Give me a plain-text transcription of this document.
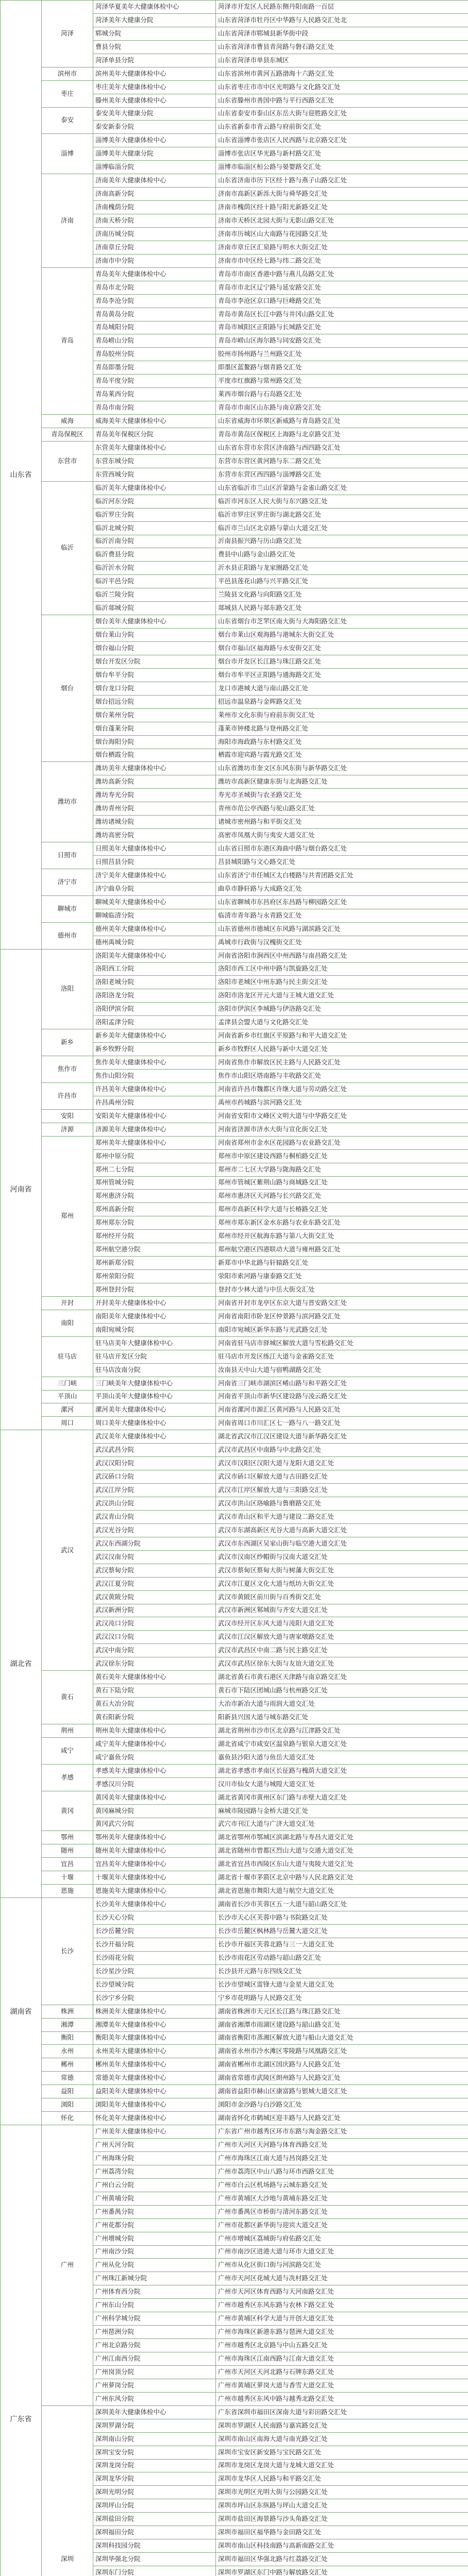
山东省	菏泽	菏泽华夏美年大健康体检中心	菏泽市开发区人民路东侧丹阳南路一百层
		菏泽美年大健康分院	山东省菏泽市牡丹区中华路与人民路交汇处北
		郓城分院	山东省菏泽市郓城县新华街中段
		曹县分院	山东省菏泽市曹县青菏路与磐石路交汇处
		菏泽单县分院	山东省菏泽市单县东城区
	滨州市	滨州美年大健康体检中心	山东省滨州市黄河五路渤海十六路交汇处
	枣庄	枣庄美年大健康体检中心	山东省枣庄市市中区光明路与文化路交汇处
		滕州美年大健康体检中心	山东省滕州市善国中路与平行西路交汇处
	泰安	泰安美年大健康分院	山东省泰安市泰山区东岳大街与迎胜路交汇处
		泰安新泰分院	山东省新泰市青云路与府前街交汇处
	淄博	淄博美年大健康体检中心	山东省淄博市张店区人民西路与北京路交汇处
		淄博美年大健康分院	淄博市张店区华光路与新村路交汇处
		淄博临淄分院	淄博市临淄区桓公路与晏婴路交汇处
	济南	济南美年大健康体检中心	山东省济南市历下区经十路与燕子山路交汇处
		济南高新分院	济南市高新区新泺大街与舜华路交汇处
		济南槐荫分院	济南市槐荫区经十路与阳光新路交汇处
		济南天桥分院	济南市天桥区北园大街与无影山路交汇处
		济南历城分院	济南市历城区山大南路与花园路交汇处
		济南章丘分院	济南市章丘区汇泉路与明水大街交汇处
		济南市中分院	济南市市中区经七路与纬二路交汇处
	青岛	青岛美年大健康体检中心	青岛市市南区香港中路与燕儿岛路交汇处
		青岛市北分院	青岛市市北区辽宁路与延安路交汇处
		青岛李沧分院	青岛市李沧区京口路与巨峰路交汇处
		青岛黄岛分院	青岛市黄岛区长江中路与井冈山路交汇处
		青岛城阳分院	青岛市城阳区正阳路与长城路交汇处
		青岛崂山分院	青岛市崂山区海尔路与同安路交汇处
		青岛胶州分院	胶州市扬州路与兰州路交汇处
		青岛即墨分院	即墨区蓝鳌路与烟青路交汇处
		青岛平度分院	平度市红旗路与常州路交汇处
		青岛莱西分院	莱西市烟台路与石岛路交汇处
		青岛市南分院	青岛市市南区山东路与南京路交汇处
	威海	威海美年大健康体检中心	山东省威海市环翠区新威路与青岛路交汇处
	青岛保税区	青岛美年保税区分院	青岛市黄岛区保税区上海路与北京路交汇处
	东营市	东营美年大健康体检中心	山东省东营市东营区济南路与西四路交汇处
		东营东城分院	东营市东营区黄河路与东二路交汇处
		东营西城分院	东营市东营区西四路与淄博路交汇处
	临沂	临沂美年大健康体检中心	山东省临沂市兰山区沂蒙路与金雀山路交汇处
		临沂河东分院	临沂市河东区人民大街与东兴路交汇处
		临沂罗庄分院	临沂市罗庄区罗庄街与湖北路交汇处
		临沂北城分院	临沂市兰山区北京路与蒙山大道交汇处
		临沂沂南分院	沂南县振兴路与历山路交汇处
		临沂费县分院	费县中山路与金山路交汇处
		临沂沂水分院	沂水县正阳路与龙家圈路交汇处
		临沂平邑分院	平邑县莲花山路与兴平路交汇处
		临沂兰陵分院	兰陵县文化路与向阳路交汇处
		临沂郯城分院	郯城县人民路与郯东路交汇处
	烟台	烟台美年大健康体检中心	山东省烟台市芝罘区南大街与大海阳路交汇处
		烟台莱山分院	烟台市莱山区观海路与港城东大街交汇处
		烟台福山分院	烟台市福山区福海路与永安街交汇处
		烟台开发区分院	烟台市开发区长江路与珠江路交汇处
		烟台牟平分院	烟台市牟平区正阳路与通海路交汇处
		烟台龙口分院	龙口市港城大道与南山路交汇处
		烟台招远分院	招远市温泉路与金晖路交汇处
		烟台莱州分院	莱州市文化东街与府前东街交汇处
		烟台蓬莱分院	蓬莱市钟楼北路与登州路交汇处
		烟台海阳分院	海阳市海政路与东村路交汇处
		烟台栖霞分院	栖霞市迎宾路与霞光路交汇处
	潍坊市	潍坊美年大健康体检中心	山东省潍坊市奎文区东风东街与新华路交汇处
		潍坊高新分院	潍坊市高新区健康东街与北海路交汇处
		潍坊寿光分院	寿光市圣城街与农圣路交汇处
		潍坊青州分院	青州市范公亭西路与驼山路交汇处
		潍坊诸城分院	诸城市密州路与和平街交汇处
		潍坊高密分院	高密市凤凰大街与夷安大道交汇处
	日照市	日照美年大健康体检中心	山东省日照市东港区海曲中路与烟台路交汇处
		日照莒县分院	莒县城阳路与文心路交汇处
	济宁市	济宁美年大健康体检中心	山东省济宁市任城区太白楼路与共青团路交汇处
		济宁曲阜分院	曲阜市静轩路与大成路交汇处
	聊城市	聊城美年大健康体检中心	山东省聊城市东昌府区东昌路与柳园路交汇处
		聊城临清分院	临清市青年路与永青路交汇处
	德州市	德州美年大健康体检中心	山东省德州市德城区东风路与湖滨路交汇处
		德州禹城分院	禹城市行政街与汉槐街交汇处
河南省	洛阳	洛阳美年大健康体检中心	河南省洛阳市涧西区中州西路与南昌路交汇处
		洛阳西工分院	洛阳市西工区中州中路与凯旋路交汇处
		洛阳老城分院	洛阳市老城区中州东路与民主街交汇处
		洛阳洛龙分院	洛阳市洛龙区开元大道与王城大道交汇处
		洛阳伊滨分院	洛阳市伊滨区李城路与伊洛路交汇处
		洛阳孟津分院	孟津县会盟大道与文化路交汇处
	新乡	新乡美年大健康体检中心	河南省新乡市红旗区平原路与和平大道交汇处
		新乡牧野分院	新乡市牧野区人民路与新中大道交汇处
	焦作市	焦作美年大健康体检中心	河南省焦作市解放区民主路与人民路交汇处
		焦作山阳分院	焦作市山阳区塔南路与丰收路交汇处
	许昌市	许昌美年大健康体检中心	河南省许昌市魏都区许继大道与劳动路交汇处
		许昌禹州分院	禹州市药城路与滨河路交汇处
	安阳	安阳美年大健康体检中心	河南省安阳市文峰区文明大道与中华路交汇处
	济源	济源美年大健康体检中心	河南省济源市济水大街与宣化街交汇处
	郑州	郑州美年大健康体检中心	河南省郑州市金水区花园路与农业路交汇处
		郑州中原分院	郑州市中原区建设西路与桐柏路交汇处
		郑州二七分院	郑州市二七区大学路与陇海路交汇处
		郑州管城分院	郑州市管城区紫荆山路与商城路交汇处
		郑州惠济分院	郑州市惠济区天河路与长兴路交汇处
		郑州高新分院	郑州市高新区科学大道与长椿路交汇处
		郑州郑东分院	郑州市郑东新区金水东路与农业东路交汇处
		郑州经开分院	郑州市经开区航海东路与第八大街交汇处
		郑州航空港分院	郑州航空港区四港联动大道与雍州路交汇处
		郑州新郑分院	新郑市中华北路与轩辕路交汇处
		郑州荥阳分院	荥阳市索河路与康泰路交汇处
		郑州登封分院	登封市少林大道与中岳大街交汇处
	开封	开封美年大健康体检中心	河南省开封市龙亭区东京大道与晋安路交汇处
	南阳	南阳美年大健康体检中心	河南省南阳市卧龙区仲景路与滨河路交汇处
		南阳宛城分院	南阳市宛城区新华东路与光武路交汇处
	驻马店	驻马店美年大健康体检中心	河南省驻马店市驿城区解放大道与雪松路交汇处
		驻马店开发区分院	驻马店市开发区练江大道与金雀路交汇处
		驻马店汝南分院	汝南县天中山大道与宿鸭湖路交汇处
	三门峡	三门峡美年大健康体检中心	河南省三门峡市湖滨区崤山路与和平路交汇处
	平顶山	平顶山美年大健康体检中心	河南省平顶山市新华区建设路与凌云路交汇处
	漯河	漯河美年大健康体检中心	河南省漯河市源汇区黄河路与人民路交汇处
	周口	周口美年大健康体检中心	河南省周口市川汇区七一路与八一路交汇处
湖北省	武汉	武汉美年大健康体检中心	湖北省武汉市江汉区建设大道与新华路交汇处
		武汉武昌分院	武汉市武昌区中南路与中北路交汇处
		武汉汉阳分院	武汉市汉阳区汉阳大道与龙阳大道交汇处
		武汉硚口分院	武汉市硚口区解放大道与古田路交汇处
		武汉江岸分院	武汉市江岸区解放大道与三阳路交汇处
		武汉洪山分院	武汉市洪山区珞喻路与鲁磨路交汇处
		武汉青山分院	武汉市青山区和平大道与建设二路交汇处
		武汉光谷分院	武汉市东湖高新区光谷大道与高新大道交汇处
		武汉东西湖分院	武汉市东西湖区吴家山街与临空港大道交汇处
		武汉汉南分院	武汉市汉南区纱帽街与汉南大道交汇处
		武汉蔡甸分院	武汉市蔡甸区蔡甸大街与树藩大街交汇处
		武汉江夏分院	武汉市江夏区文化大道与纸坊大街交汇处
		武汉黄陂分院	武汉市黄陂区前川街与百秀街交汇处
		武汉新洲分院	武汉市新洲区邾城街与齐安大道交汇处
		武汉沌口分院	武汉市经开区东风大道与沌阳大道交汇处
		武汉汉口分院	武汉市江汉区解放大道与唐家墩路交汇处
		武汉中南分院	武汉市武昌区中南二路与民主路交汇处
		武汉徐东分院	武汉市武昌区徐东大街与友谊大道交汇处
	黄石	黄石美年大健康体检中心	湖北省黄石市黄石港区天津路与南京路交汇处
		黄石下陆分院	黄石市下陆区团城山路与杭州路交汇处
		黄石大冶分院	大冶市新冶大道与雨润大道交汇处
		黄石阳新分院	阳新县兴国大道与城东路交汇处
	荆州	荆州美年大健康体检中心	湖北省荆州市沙市区北京路与江津路交汇处
	咸宁	咸宁美年大健康体检中心	湖北省咸宁市咸安区温泉路与银泉大道交汇处
		咸宁嘉鱼分院	嘉鱼县沙阳大道与鱼岳大道交汇处
	孝感	孝感美年大健康体检中心	湖北省孝感市孝南区长征路与槐荫大道交汇处
		孝感汉川分院	汉川市仙女大道与城隍大道交汇处
	黄冈	黄冈美年大健康体检中心	湖北省黄冈市黄州区东门路与赤壁大道交汇处
		黄冈麻城分院	麻城市陵园路与金桥大道交汇处
		黄冈武穴分院	武穴市刊江大道与广济大道交汇处
	鄂州	鄂州美年大健康体检中心	湖北省鄂州市鄂城区滨湖北路与寿昌大道交汇处
	随州	随州美年大健康体检中心	湖北省随州市曾都区烈山大道与交通大道交汇处
	宜昌	宜昌美年大健康体检中心	湖北省宜昌市西陵区东山大道与夷陵大道交汇处
	十堰	十堰美年大健康体检中心	湖北省十堰市茅箭区北京中路与人民北路交汇处
	恩施	恩施美年大健康体检中心	湖北省恩施市舞阳大道与航空大道交汇处
湖南省	长沙	长沙美年大健康体检中心	湖南省长沙市芙蓉区五一大道与韶山路交汇处
		长沙天心分院	长沙市天心区芙蓉中路与书院路交汇处
		长沙岳麓分院	长沙市岳麓区枫林路与岳麓大道交汇处
		长沙开福分院	长沙市开福区芙蓉北路与三一大道交汇处
		长沙雨花分院	长沙市雨花区劳动路与韶山路交汇处
		长沙星沙分院	长沙县开元路与东四线交汇处
		长沙望城分院	长沙市望城区雷锋大道与金星大道交汇处
		长沙宁乡分院	宁乡市花明路与人民路交汇处
	株洲	株洲美年大健康体检中心	湖南省株洲市天元区长江路与珠江路交汇处
	湘潭	湘潭美年大健康体检中心	湖南省湘潭市雨湖区建设路与韶山路交汇处
	衡阳	衡阳美年大健康体检中心	湖南省衡阳市蒸湘区解放大道与船山大道交汇处
	永州	永州美年大健康体检中心	湖南省永州市冷水滩区零陵路与凤凰路交汇处
	郴州	郴州美年大健康体检中心	湖南省郴州市北湖区国庆路与人民路交汇处
	常德	常德美年大健康体检中心	湖南省常德市武陵区朗州路与人民路交汇处
	益阳	益阳美年大健康体检中心	湖南省益阳市赫山区康富路与银城大道交汇处
	浏阳	浏阳美年大健康体检中心	浏阳市金沙路与白沙路交汇处
	怀化	怀化美年大健康体检中心	湖南省怀化市鹤城区迎丰路与人民路交汇处
广东省	广州	广州美年大健康体检中心	广东省广州市越秀区环市东路与淘金路交汇处
		广州天河分院	广州市天河区天河路与体育西路交汇处
		广州海珠分院	广州市海珠区江南大道与昌岗路交汇处
		广州荔湾分院	广州市荔湾区中山八路与环市西路交汇处
		广州白云分院	广州市白云区机场路与云城东路交汇处
		广州黄埔分院	广州市黄埔区大沙地与黄埔东路交汇处
		广州番禺分院	广州市番禺区市桥街与清河东路交汇处
		广州花都分院	广州市花都区新华街与迎宾大道交汇处
		广州增城分院	广州市增城区荔城街与府佑路交汇处
		广州南沙分院	广州市南沙区进港大道与环市大道交汇处
		广州从化分院	广州市从化区街口街与河滨路交汇处
		广州珠江新城分院	广州市天河区花城大道与冼村路交汇处
		广州体育西分院	广州市天河区体育西路与天河南路交汇处
		广州东山分院	广州市越秀区东风东路与农林下路交汇处
		广州科学城分院	广州市黄埔区科学大道与开创大道交汇处
		广州琶洲分院	广州市海珠区新港东路与琶洲大道交汇处
		广州北京路分院	广州市越秀区北京路与中山五路交汇处
		广州江南西分院	广州市海珠区江南西路与江南大道交汇处
		广州岗顶分院	广州市天河区天河北路与石牌东路交汇处
		广州萝岗分院	广州市黄埔区萝岗大道与香雪大道交汇处
		广州东风分院	广州市越秀区东风中路与越秀北路交汇处
	深圳	深圳美年大健康体检中心	广东省深圳市福田区深南大道与彩田路交汇处
		深圳罗湖分院	深圳市罗湖区人民南路与嘉宾路交汇处
		深圳南山分院	深圳市南山区南海大道与南光路交汇处
		深圳宝安分院	深圳市宝安区新安路与宝民路交汇处
		深圳龙岗分院	深圳市龙岗区龙岗大道与龙城大道交汇处
		深圳龙华分院	深圳市龙华区人民路与和平路交汇处
		深圳光明分院	深圳市光明区光明大街与公园路交汇处
		深圳坪山分院	深圳市坪山区东纵路与坪山大道交汇处
		深圳盐田分院	深圳市盐田区海景路与沙头角路交汇处
		深圳福田分院	深圳市福田区福华路与金田路交汇处
		深圳科技园分院	深圳市南山区科技南路与高新南路交汇处
		深圳华强北分院	深圳市福田区华强北路与红荔路交汇处
		深圳东门分院	深圳市罗湖区东门中路与解放路交汇处
